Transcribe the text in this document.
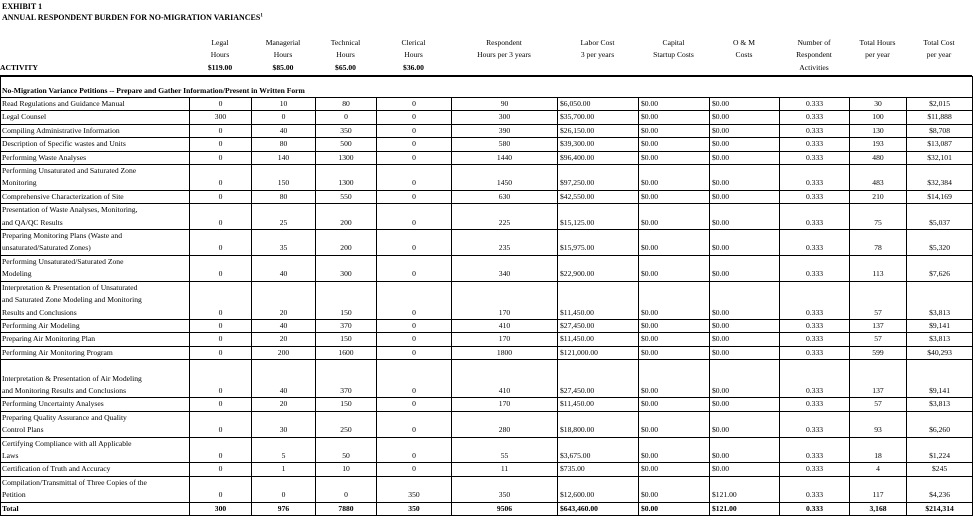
EXHIBIT 1
ANNUAL RESPONDENT BURDEN FOR NO-MIGRATION VARIANCES$^1$
	Legal	Managerial	Technical	Clerical	Respondent	Labor Cost	Capital	O & M	Number of	Total Hours	Total Cost
	Hours	Hours	Hours	Hours	Hours per 3 years	3 per years	Startup Costs	Costs	Respondent	per year	per year
ACTIVITY	$119.00	$85.00	$65.00	$36.00					Activities		
No-Migration Variance Petitions -- Prepare and Gather Information/Present in Written Form											

Read Regulations and Guidance Manual	0	10	80	0	90	$6,050.00	$0.00	$0.00	0.333	30	$2,015

Legal Counsel	300	0	0	0	300	$35,700.00	$0.00	$0.00	0.333	100	$11,888

Compiling Administrative Information	0	40	350	0	390	$26,150.00	$0.00	$0.00	0.333	130	$8,708

Description of Specific wastes and Units	0	80	500	0	580	$39,300.00	$0.00	$0.00	0.333	193	$13,087

Performing Waste Analyses	0	140	1300	0	1440	$96,400.00	$0.00	$0.00	0.333	480	$32,101

Performing Unsaturated and Saturated Zone
Monitoring	0	150	1300	0	1450	$97,250.00	$0.00	$0.00	0.333	483	$32,384

Comprehensive Characterization of Site	0	80	550	0	630	$42,550.00	$0.00	$0.00	0.333	210	$14,169

Presentation of Waste Analyses, Monitoring,
and QA/QC Results	0	25	200	0	225	$15,125.00	$0.00	$0.00	0.333	75	$5,037

Preparing Monitoring Plans (Waste and
unsaturated/Saturated Zones)	0	35	200	0	235	$15,975.00	$0.00	$0.00	0.333	78	$5,320

Performing Unsaturated/Saturated Zone
Modeling	0	40	300	0	340	$22,900.00	$0.00	$0.00	0.333	113	$7,626

Interpretation & Presentation of Unsaturated
and Saturated Zone Modeling and Monitoring
Results and Conclusions	0	20	150	0	170	$11,450.00	$0.00	$0.00	0.333	57	$3,813

Performing Air Modeling	0	40	370	0	410	$27,450.00	$0.00	$0.00	0.333	137	$9,141

Preparing Air Monitoring Plan	0	20	150	0	170	$11,450.00	$0.00	$0.00	0.333	57	$3,813

Performing Air Monitoring Program	0	200	1600	0	1800	$121,000.00	$0.00	$0.00	0.333	599	$40,293

Interpretation & Presentation of Air Modeling
and Monitoring Results and Conclusions	0	40	370	0	410	$27,450.00	$0.00	$0.00	0.333	137	$9,141

Performing Uncertainty Analyses	0	20	150	0	170	$11,450.00	$0.00	$0.00	0.333	57	$3,813

Preparing Quality Assurance and Quality
Control Plans	0	30	250	0	280	$18,800.00	$0.00	$0.00	0.333	93	$6,260

Certifying Compliance with all Applicable
Laws	0	5	50	0	55	$3,675.00	$0.00	$0.00	0.333	18	$1,224

Certification of Truth and Accuracy	0	1	10	0	11	$735.00	$0.00	$0.00	0.333	4	$245

Compilation/Transmittal of Three Copies of the
Petition	0	0	0	350	350	$12,600.00	$0.00	$121.00	0.333	117	$4,236
Total	300	976	7880	350	9506	$643,460.00	$0.00	$121.00	0.333	3,168	$214,314
